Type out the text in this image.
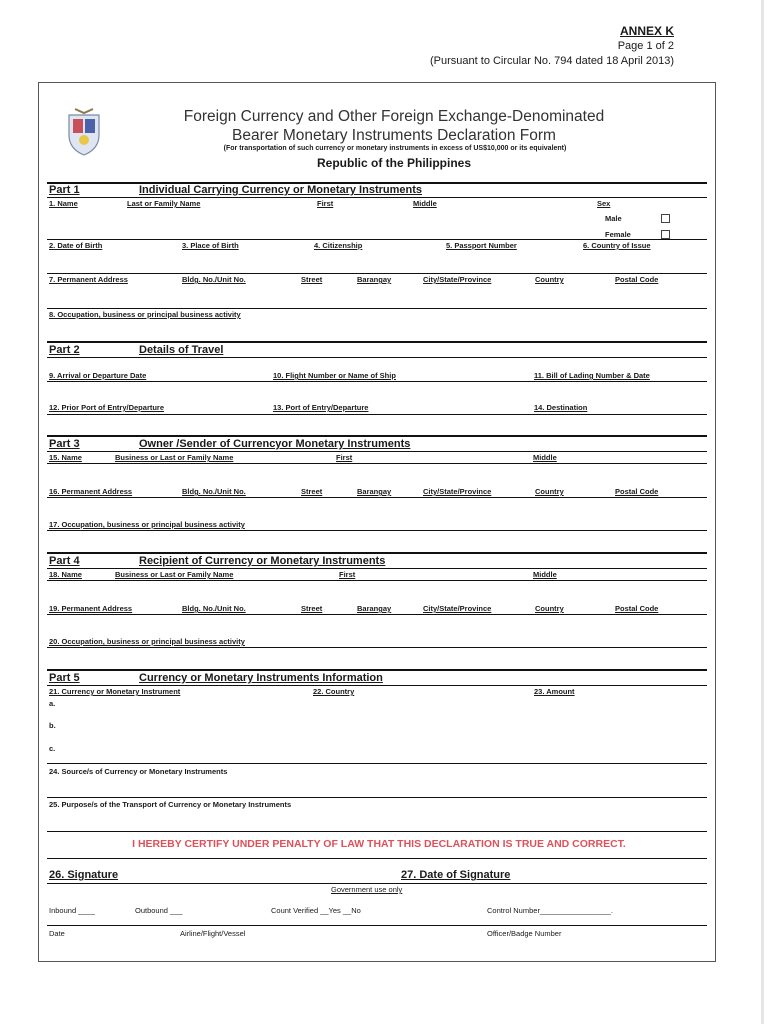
ANNEX K
Page 1 of 2
(Pursuant to Circular No. 794 dated 18 April 2013)
Foreign Currency and Other Foreign Exchange-Denominated
Bearer Monetary Instruments Declaration Form
(For transportation of such currency or monetary instruments in excess of US$10,000 or its equivalent)
Republic of the Philippines
Part 1	Individual Carrying Currency or Monetary Instruments
1. Name	Last or Family Name	First	Middle	Sex
Male
Female
2. Date of Birth	3. Place of Birth	4. Citizenship	5. Passport Number	6. Country of Issue
7. Permanent Address	Bldg. No./Unit No.	Street	Barangay	City/State/Province	Country	Postal Code
8. Occupation, business or principal business activity
Part 2	Details of Travel
9. Arrival or Departure Date	10. Flight Number or Name of Ship	11. Bill of Lading Number & Date
12. Prior Port of Entry/Departure	13. Port of Entry/Departure	14. Destination
Part 3	Owner /Sender of Currencyor Monetary Instruments
15. Name	Business or Last or Family Name	First	Middle
16. Permanent Address	Bldg. No./Unit No.	Street	Barangay	City/State/Province	Country	Postal Code
17. Occupation, business or principal business activity
Part 4	Recipient of Currency or Monetary Instruments
18. Name	Business or Last or Family Name	First	Middle
19. Permanent Address	Bldg. No./Unit No.	Street	Barangay	City/State/Province	Country	Postal Code
20. Occupation, business or principal business activity
Part 5	Currency or Monetary Instruments Information
21. Currency or Monetary Instrument	22. Country	23. Amount
a.
b.
c.
24. Source/s of Currency or Monetary Instruments
25. Purpose/s of the Transport of Currency or Monetary Instruments
I HEREBY CERTIFY UNDER PENALTY OF LAW THAT THIS DECLARATION IS TRUE AND CORRECT.
26. Signature	27. Date of Signature
Government use only
Inbound ____	Outbound ___	Count Verified __Yes __No	Control Number_________________.
Date	Airline/Flight/Vessel	Officer/Badge Number
